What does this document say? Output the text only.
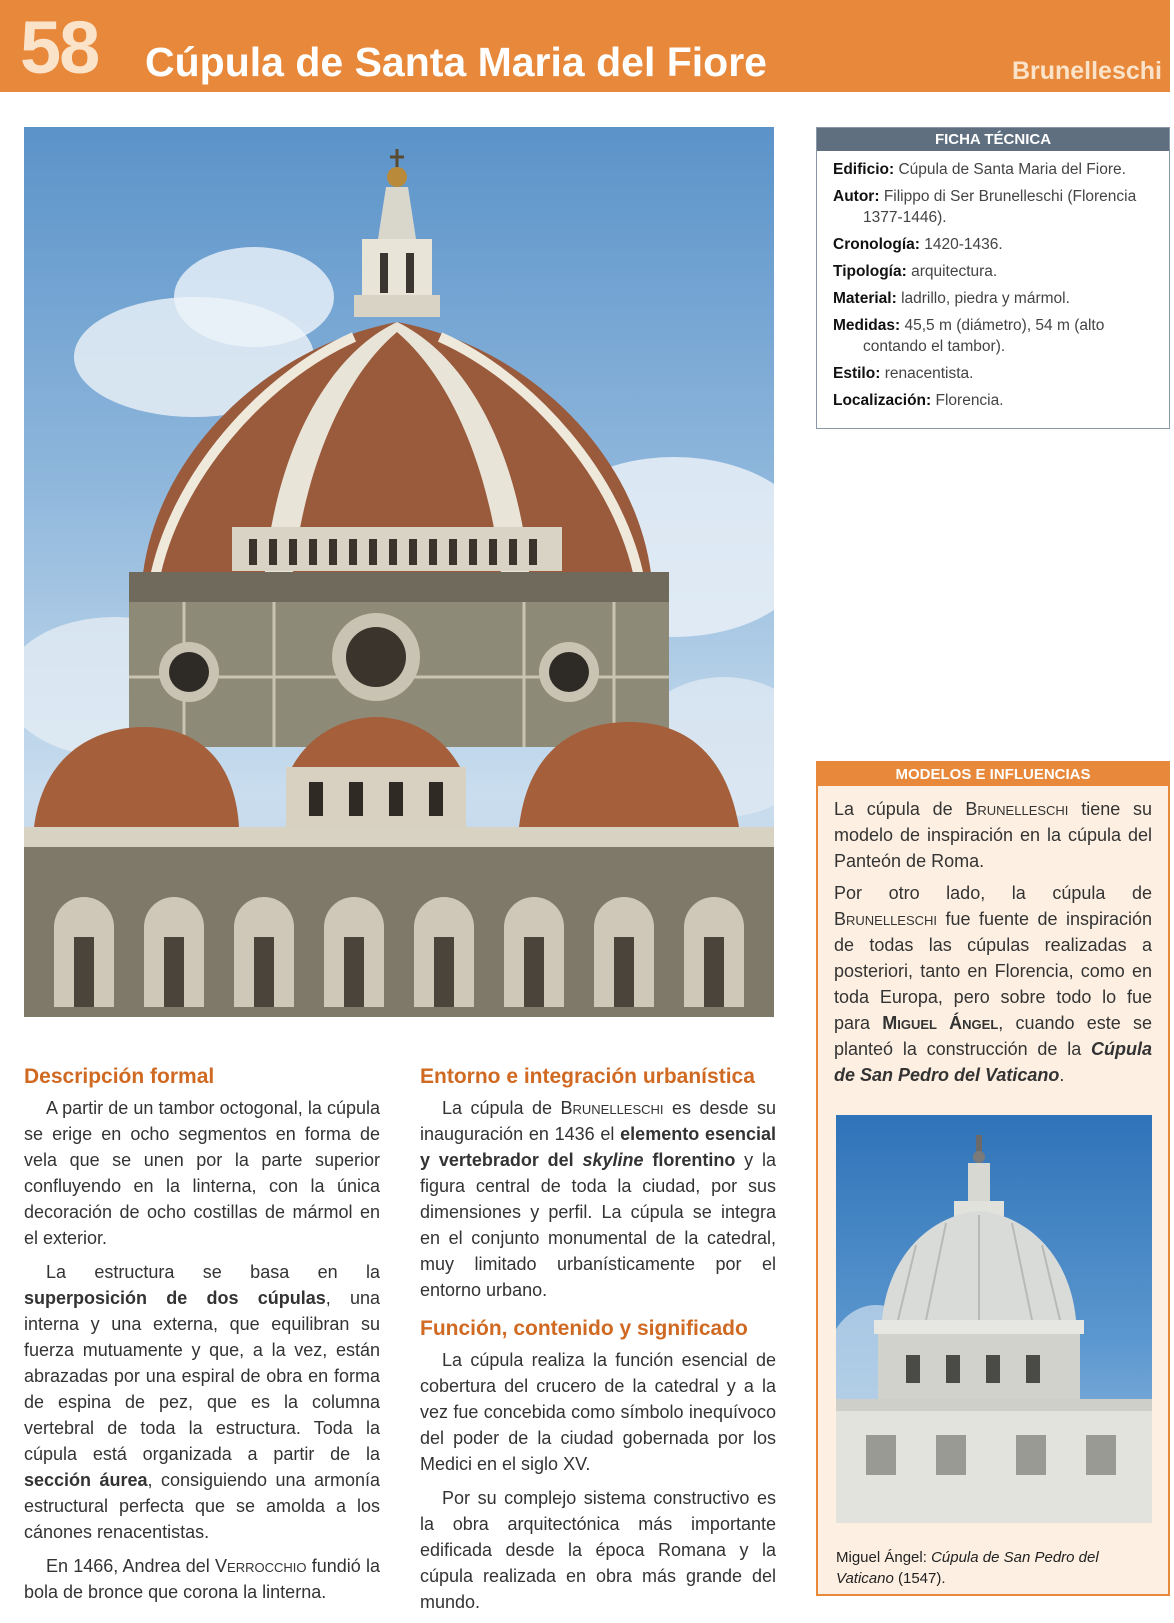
58 Cúpula de Santa Maria del Fiore	Brunelleschi
FICHA TÉCNICA
Edificio: Cúpula de Santa Maria del Fiore.
Autor: Filippo di Ser Brunelleschi (Florencia 1377-1446).
Cronología: 1420-1436.
Tipología: arquitectura.
Material: ladrillo, piedra y mármol.
Medidas: 45,5 m (diámetro), 54 m (alto contando el tambor).
Estilo: renacentista.
Localización: Florencia.
MODELOS E INFLUENCIAS

La cúpula de Brunelleschi tiene su modelo de inspiración en la cúpula del Panteón de Roma.

Por otro lado, la cúpula de Brunelleschi fue fuente de inspiración de todas las cúpulas realizadas a posteriori, tanto en Florencia, como en toda Europa, pero sobre todo lo fue para Miguel Ángel, cuando este se planteó la construcción de la Cúpula de San Pedro del Vaticano.

Miguel Ángel: Cúpula de San Pedro del Vaticano (1547).
Descripción formal

A partir de un tambor octogonal, la cúpula se erige en ocho segmentos en forma de vela que se unen por la parte superior confluyendo en la linterna, con la única decoración de ocho costillas de mármol en el exterior.

La estructura se basa en la superposición de dos cúpulas, una interna y una externa, que equilibran su fuerza mutuamente y que, a la vez, están abrazadas por una espiral de obra en forma de espina de pez, que es la columna vertebral de toda la estructura. Toda la cúpula está organizada a partir de la sección áurea, consiguiendo una armonía estructural perfecta que se amolda a los cánones renacentistas.

En 1466, Andrea del Verrocchio fundió la bola de bronce que corona la linterna.

Entorno e integración urbanística

La cúpula de Brunelleschi es desde su inauguración en 1436 el elemento esencial y vertebrador del skyline florentino y la figura central de toda la ciudad, por sus dimensiones y perfil. La cúpula se integra en el conjunto monumental de la catedral, muy limitado urbanísticamente por el entorno urbano.

Función, contenido y significado

La cúpula realiza la función esencial de cobertura del crucero de la catedral y a la vez fue concebida como símbolo inequívoco del poder de la ciudad gobernada por los Medici en el siglo XV.

Por su complejo sistema constructivo es la obra arquitectónica más importante edificada desde la época Romana y la cúpula realizada en obra más grande del mundo.
